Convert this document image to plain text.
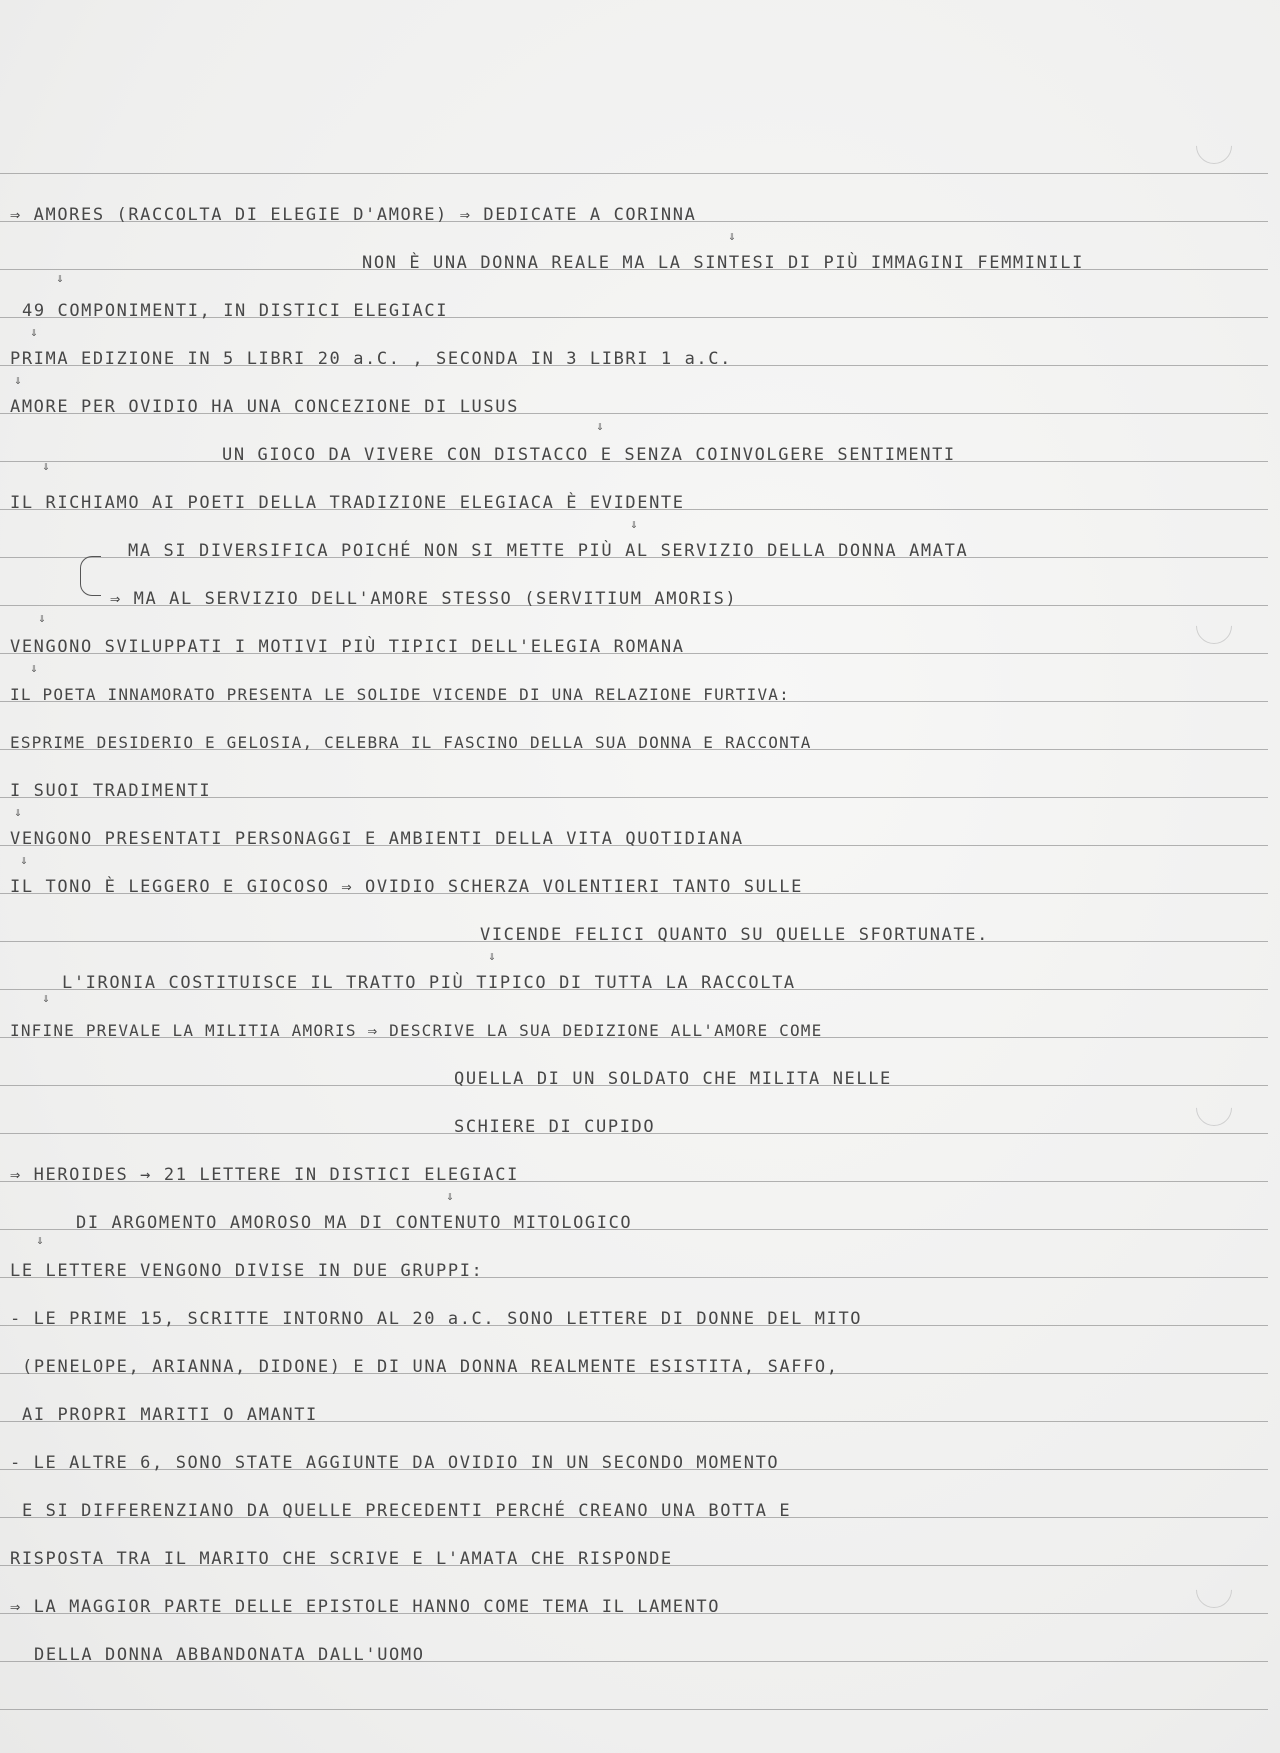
⇓
⇓
⇓
⇓
⇓
⇓
⇓
⇓
⇓
⇓
⇓
⇓
⇓
⇓
⇓
⇒ AMORES (RACCOLTA DI ELEGIE D'AMORE) ⇒ DEDICATE A CORINNA
NON È UNA DONNA REALE MA LA SINTESI DI PIÙ IMMAGINI FEMMINILI
49 COMPONIMENTI, IN DISTICI ELEGIACI
PRIMA EDIZIONE IN 5 LIBRI 20 a.C. , SECONDA IN 3 LIBRI 1 a.C.
AMORE PER OVIDIO HA UNA CONCEZIONE DI LUSUS
UN GIOCO DA VIVERE CON DISTACCO E SENZA COINVOLGERE SENTIMENTI
IL RICHIAMO AI POETI DELLA TRADIZIONE ELEGIACA È EVIDENTE
MA SI DIVERSIFICA POICHÉ NON SI METTE PIÙ AL SERVIZIO DELLA DONNA AMATA
⇒ MA AL SERVIZIO DELL'AMORE STESSO (SERVITIUM AMORIS)
VENGONO SVILUPPATI I MOTIVI PIÙ TIPICI DELL'ELEGIA ROMANA
IL POETA INNAMORATO PRESENTA LE SOLIDE VICENDE DI UNA RELAZIONE FURTIVA:
ESPRIME DESIDERIO E GELOSIA, CELEBRA IL FASCINO DELLA SUA DONNA E RACCONTA
I SUOI TRADIMENTI
VENGONO PRESENTATI PERSONAGGI E AMBIENTI DELLA VITA QUOTIDIANA
IL TONO È LEGGERO E GIOCOSO ⇒ OVIDIO SCHERZA VOLENTIERI TANTO SULLE
VICENDE FELICI QUANTO SU QUELLE SFORTUNATE.
L'IRONIA COSTITUISCE IL TRATTO PIÙ TIPICO DI TUTTA LA RACCOLTA
INFINE PREVALE LA MILITIA AMORIS ⇒ DESCRIVE LA SUA DEDIZIONE ALL'AMORE COME
QUELLA DI UN SOLDATO CHE MILITA NELLE
SCHIERE DI CUPIDO
⇒ HEROIDES → 21 LETTERE IN DISTICI ELEGIACI
DI ARGOMENTO AMOROSO MA DI CONTENUTO MITOLOGICO
LE LETTERE VENGONO DIVISE IN DUE GRUPPI:
- LE PRIME 15, SCRITTE INTORNO AL 20 a.C. SONO LETTERE DI DONNE DEL MITO
(PENELOPE, ARIANNA, DIDONE) E DI UNA DONNA REALMENTE ESISTITA, SAFFO,
AI PROPRI MARITI O AMANTI
- LE ALTRE 6, SONO STATE AGGIUNTE DA OVIDIO IN UN SECONDO MOMENTO
E SI DIFFERENZIANO DA QUELLE PRECEDENTI PERCHÉ CREANO UNA BOTTA E
RISPOSTA TRA IL MARITO CHE SCRIVE E L'AMATA CHE RISPONDE
⇒ LA MAGGIOR PARTE DELLE EPISTOLE HANNO COME TEMA IL LAMENTO
DELLA DONNA ABBANDONATA DALL'UOMO
